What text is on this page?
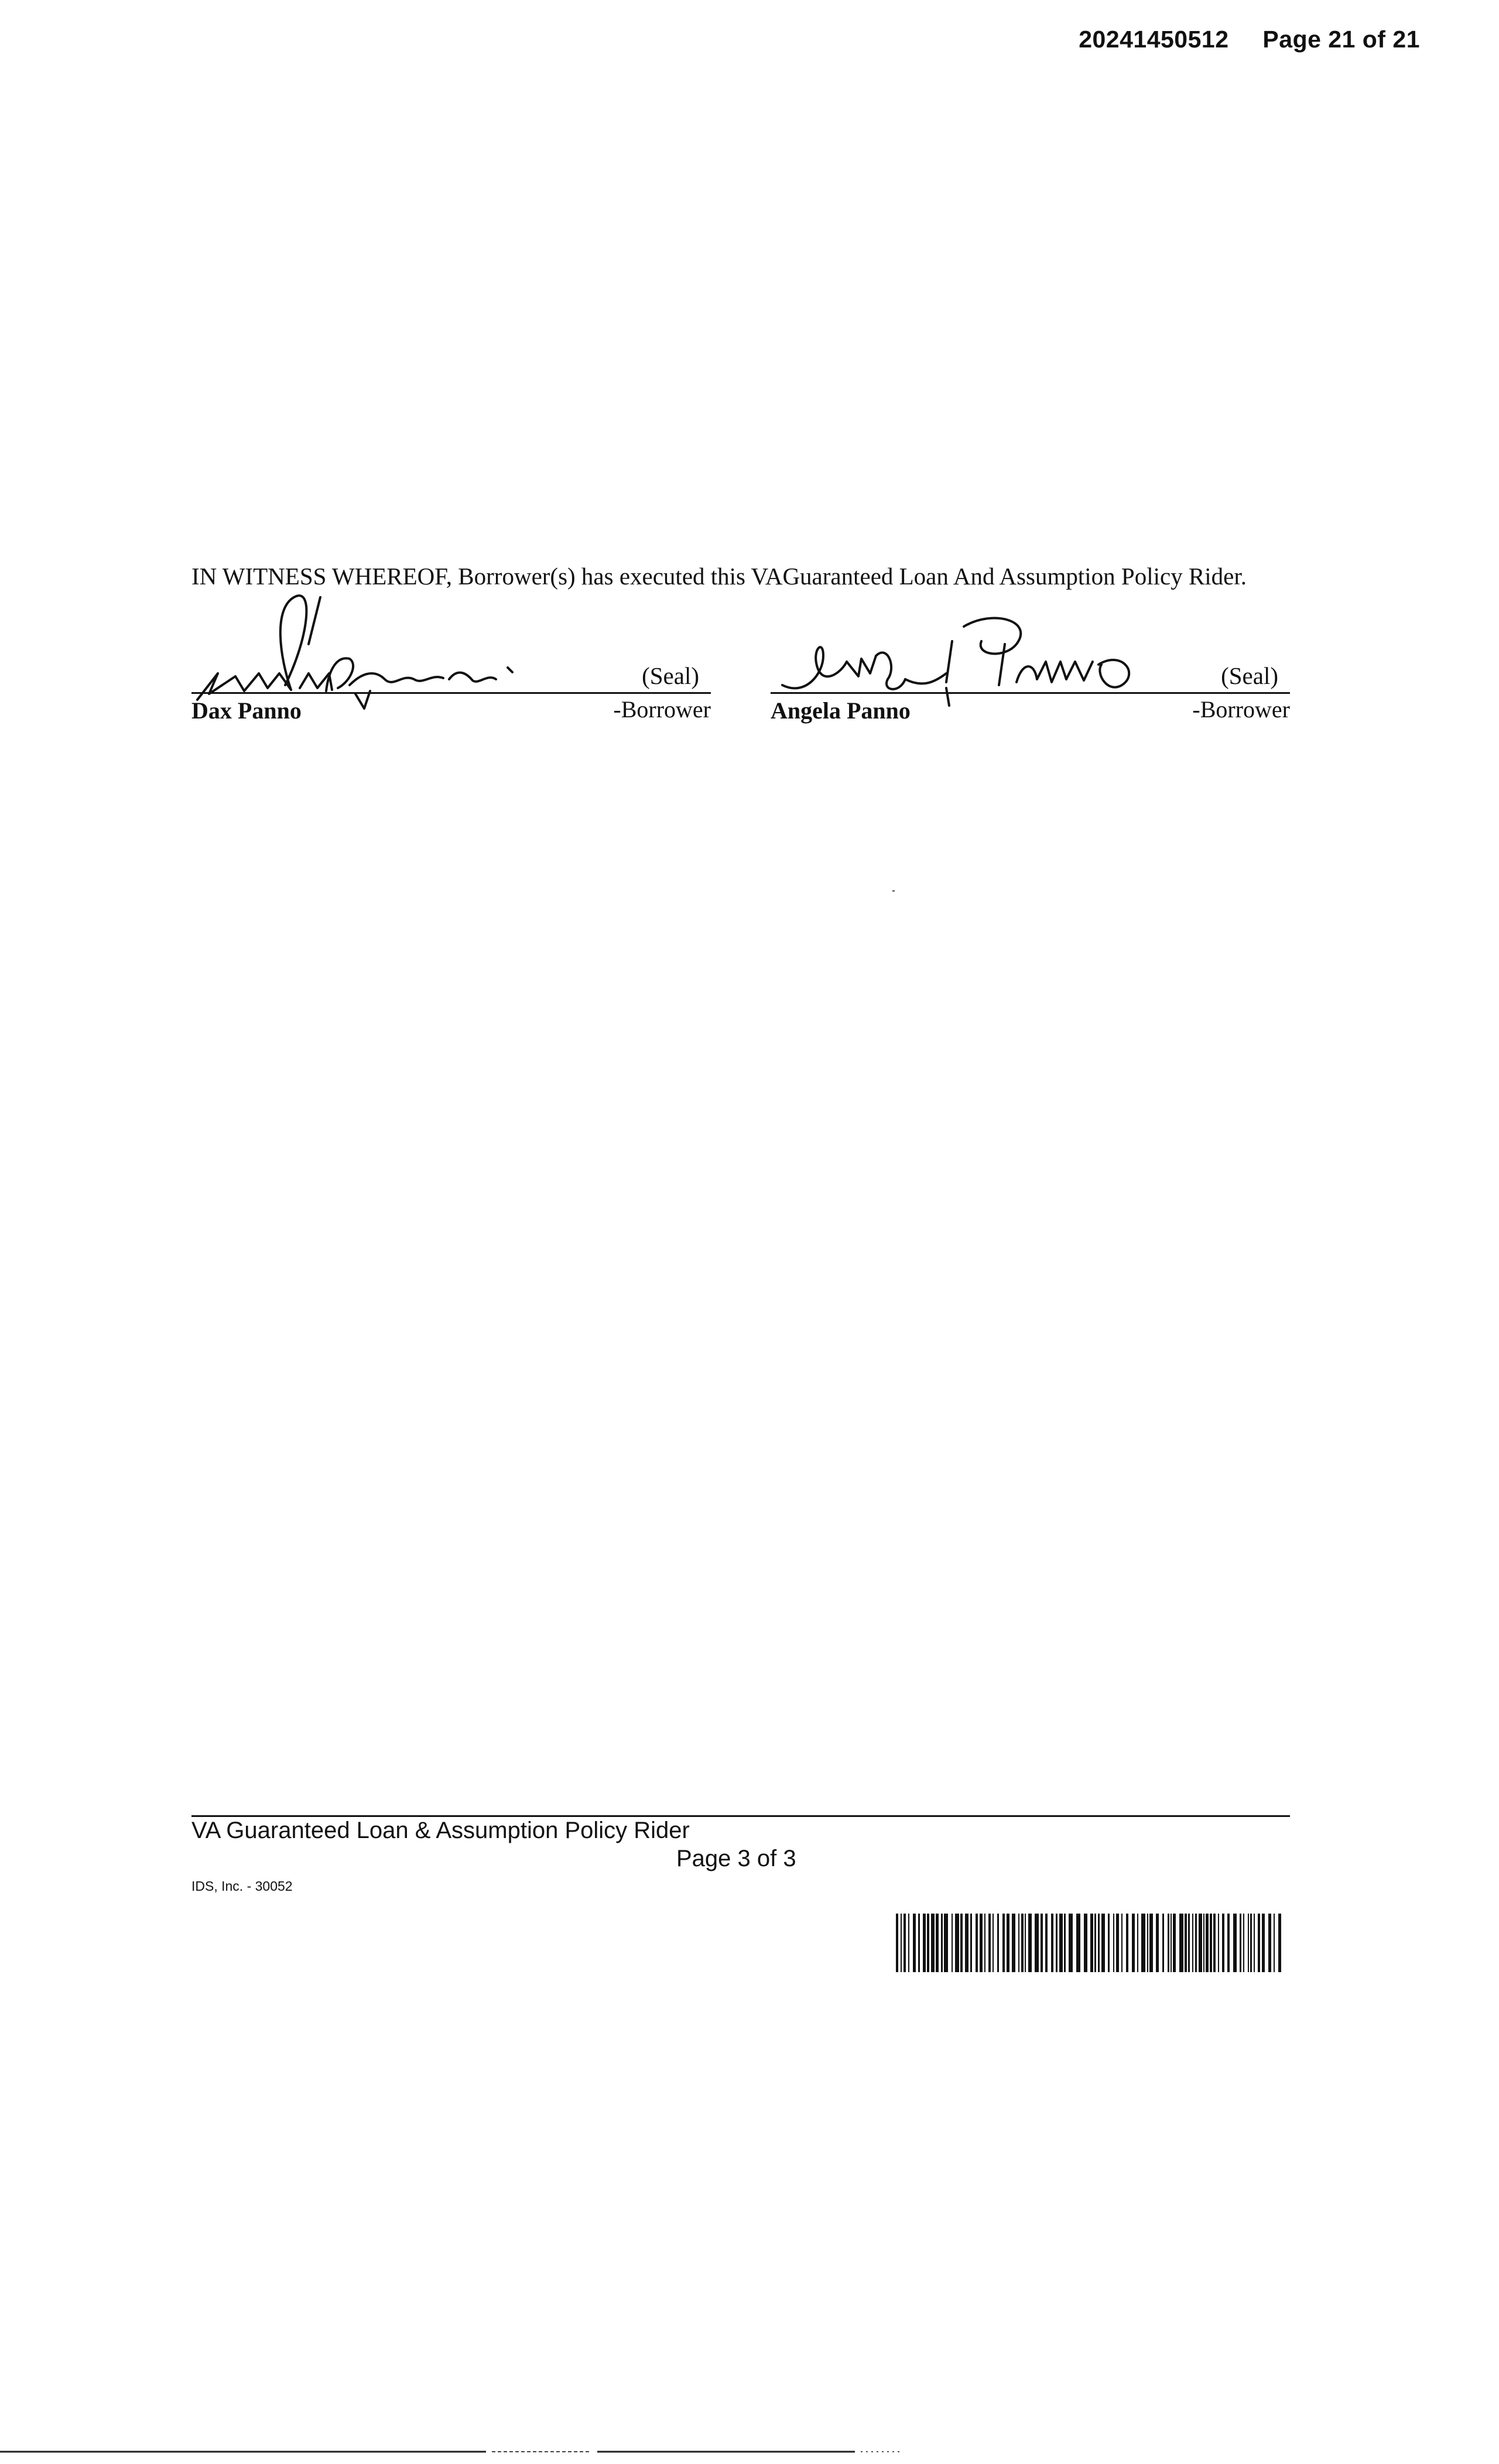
20241450512 Page 21 of 21

IN WITNESS WHEREOF, Borrower(s) has executed this VAGuaranteed Loan And Assumption Policy Rider.

(Seal)
Dax Panno	-Borrower
(Seal)
Angela Panno	-Borrower
VA Guaranteed Loan & Assumption Policy Rider
Page 3 of 3
IDS, Inc. - 30052
